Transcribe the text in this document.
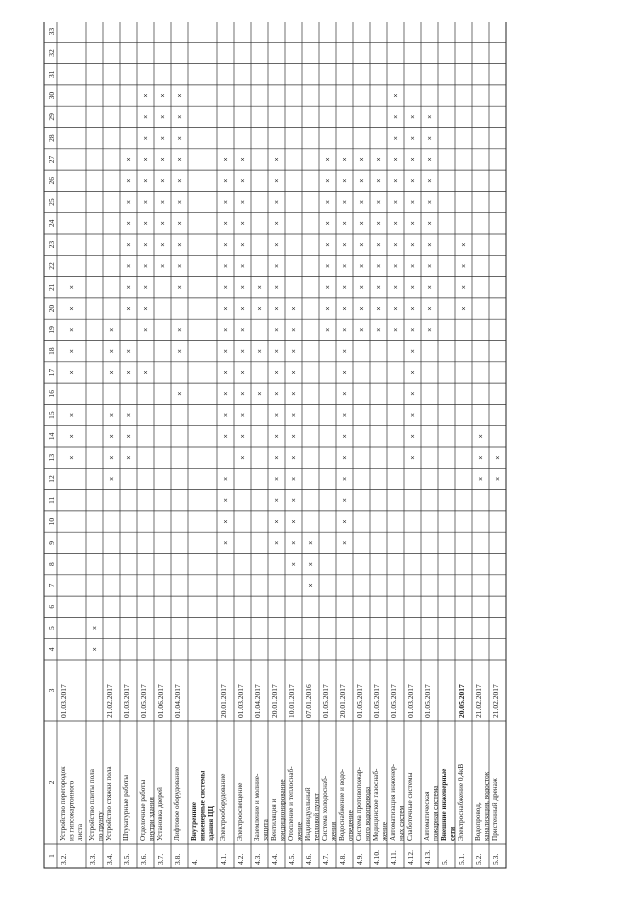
1
2
3
4
5
6
7
8
9
10
11
12
13
14
15
16
17
18
19
20
21
22
23
24
25
26
27
28
29
30
31
32
33
3.2.
Устройство перегородок из гипсокартонного листа
01.03.2017
×
×
×
×
×
×
×
×
3.3.
Устройство плиты пола по грунту
×
×
3.4.
Устройство стяжки пола
21.02.2017
×
×
×
×
×
×
×
3.5.
Штукатурные работы
01.03.2017
×
×
×
×
×
×
×
×
×
×
×
×
×
3.6.
Отделочные работы внутри здания
01.05.2017
×
×
×
×
×
×
×
×
×
×
×
×
×
3.7.
Установка дверей
01.06.2017
×
×
×
×
×
×
×
×
×
3.8.
Лифтовое оборудование
01.04.2017
×
×
×
×
×
×
×
×
×
×
×
×
×
4.
Внутренние инженерные системы здания ЦЦ
4.1.
Электрооборудование
20.01.2017
×
×
×
×
×
×
×
×
×
×
×
×
×
×
×
×
×
×
4.2.
Электроосвещение
01.03.2017
×
×
×
×
×
×
×
×
×
×
×
×
×
×
×
4.3.
Заземление и молние- защита
01.04.2017
×
×
×
×
4.4.
Вентиляция и кондиционирование
20.01.2017
×
×
×
×
×
×
×
×
×
×
×
×
×
×
×
×
×
×
×
4.5.
Отопление и теплоснаб- жение
10.01.2017
×
×
×
×
×
×
×
×
×
×
×
×
×
4.6.
Индивидуальный тепловой пункт
07.01.2016
×
×
×
4.7.
Система холодоснаб- жения
01.05.2017
×
×
×
×
×
×
×
×
×
4.8.
Водоснабжение и водо- отведение
20.01.2017
×
×
×
×
×
×
×
×
×
×
×
×
×
×
×
×
×
×
×
4.9.
Система противопожар- ного водопровода
01.05.2017
×
×
×
×
×
×
×
×
×
4.10.
Медицинское газоснаб- жение
01.05.2017
×
×
×
×
×
×
×
×
×
4.11.
Автоматизация инженер- ных систем
01.05.2017
×
×
×
×
×
×
×
×
×
×
×
×
4.12.
Слаботочные системы
01.03.2017
×
×
×
×
×
×
×
×
×
×
×
×
×
×
×
×
×
4.13.
Автоматическая пожарная система
01.05.2017
×
×
×
×
×
×
×
×
×
×
×
5.
Внешние инженерные сети
5.1.
Электроснабжение 0,4кВ
20.05.2017
×
×
×
×
5.2.
Водопровод, канализация, водосток
21.02.2017
×
×
×
5.3.
Пристенный дренаж
21.02.2017
×
×
